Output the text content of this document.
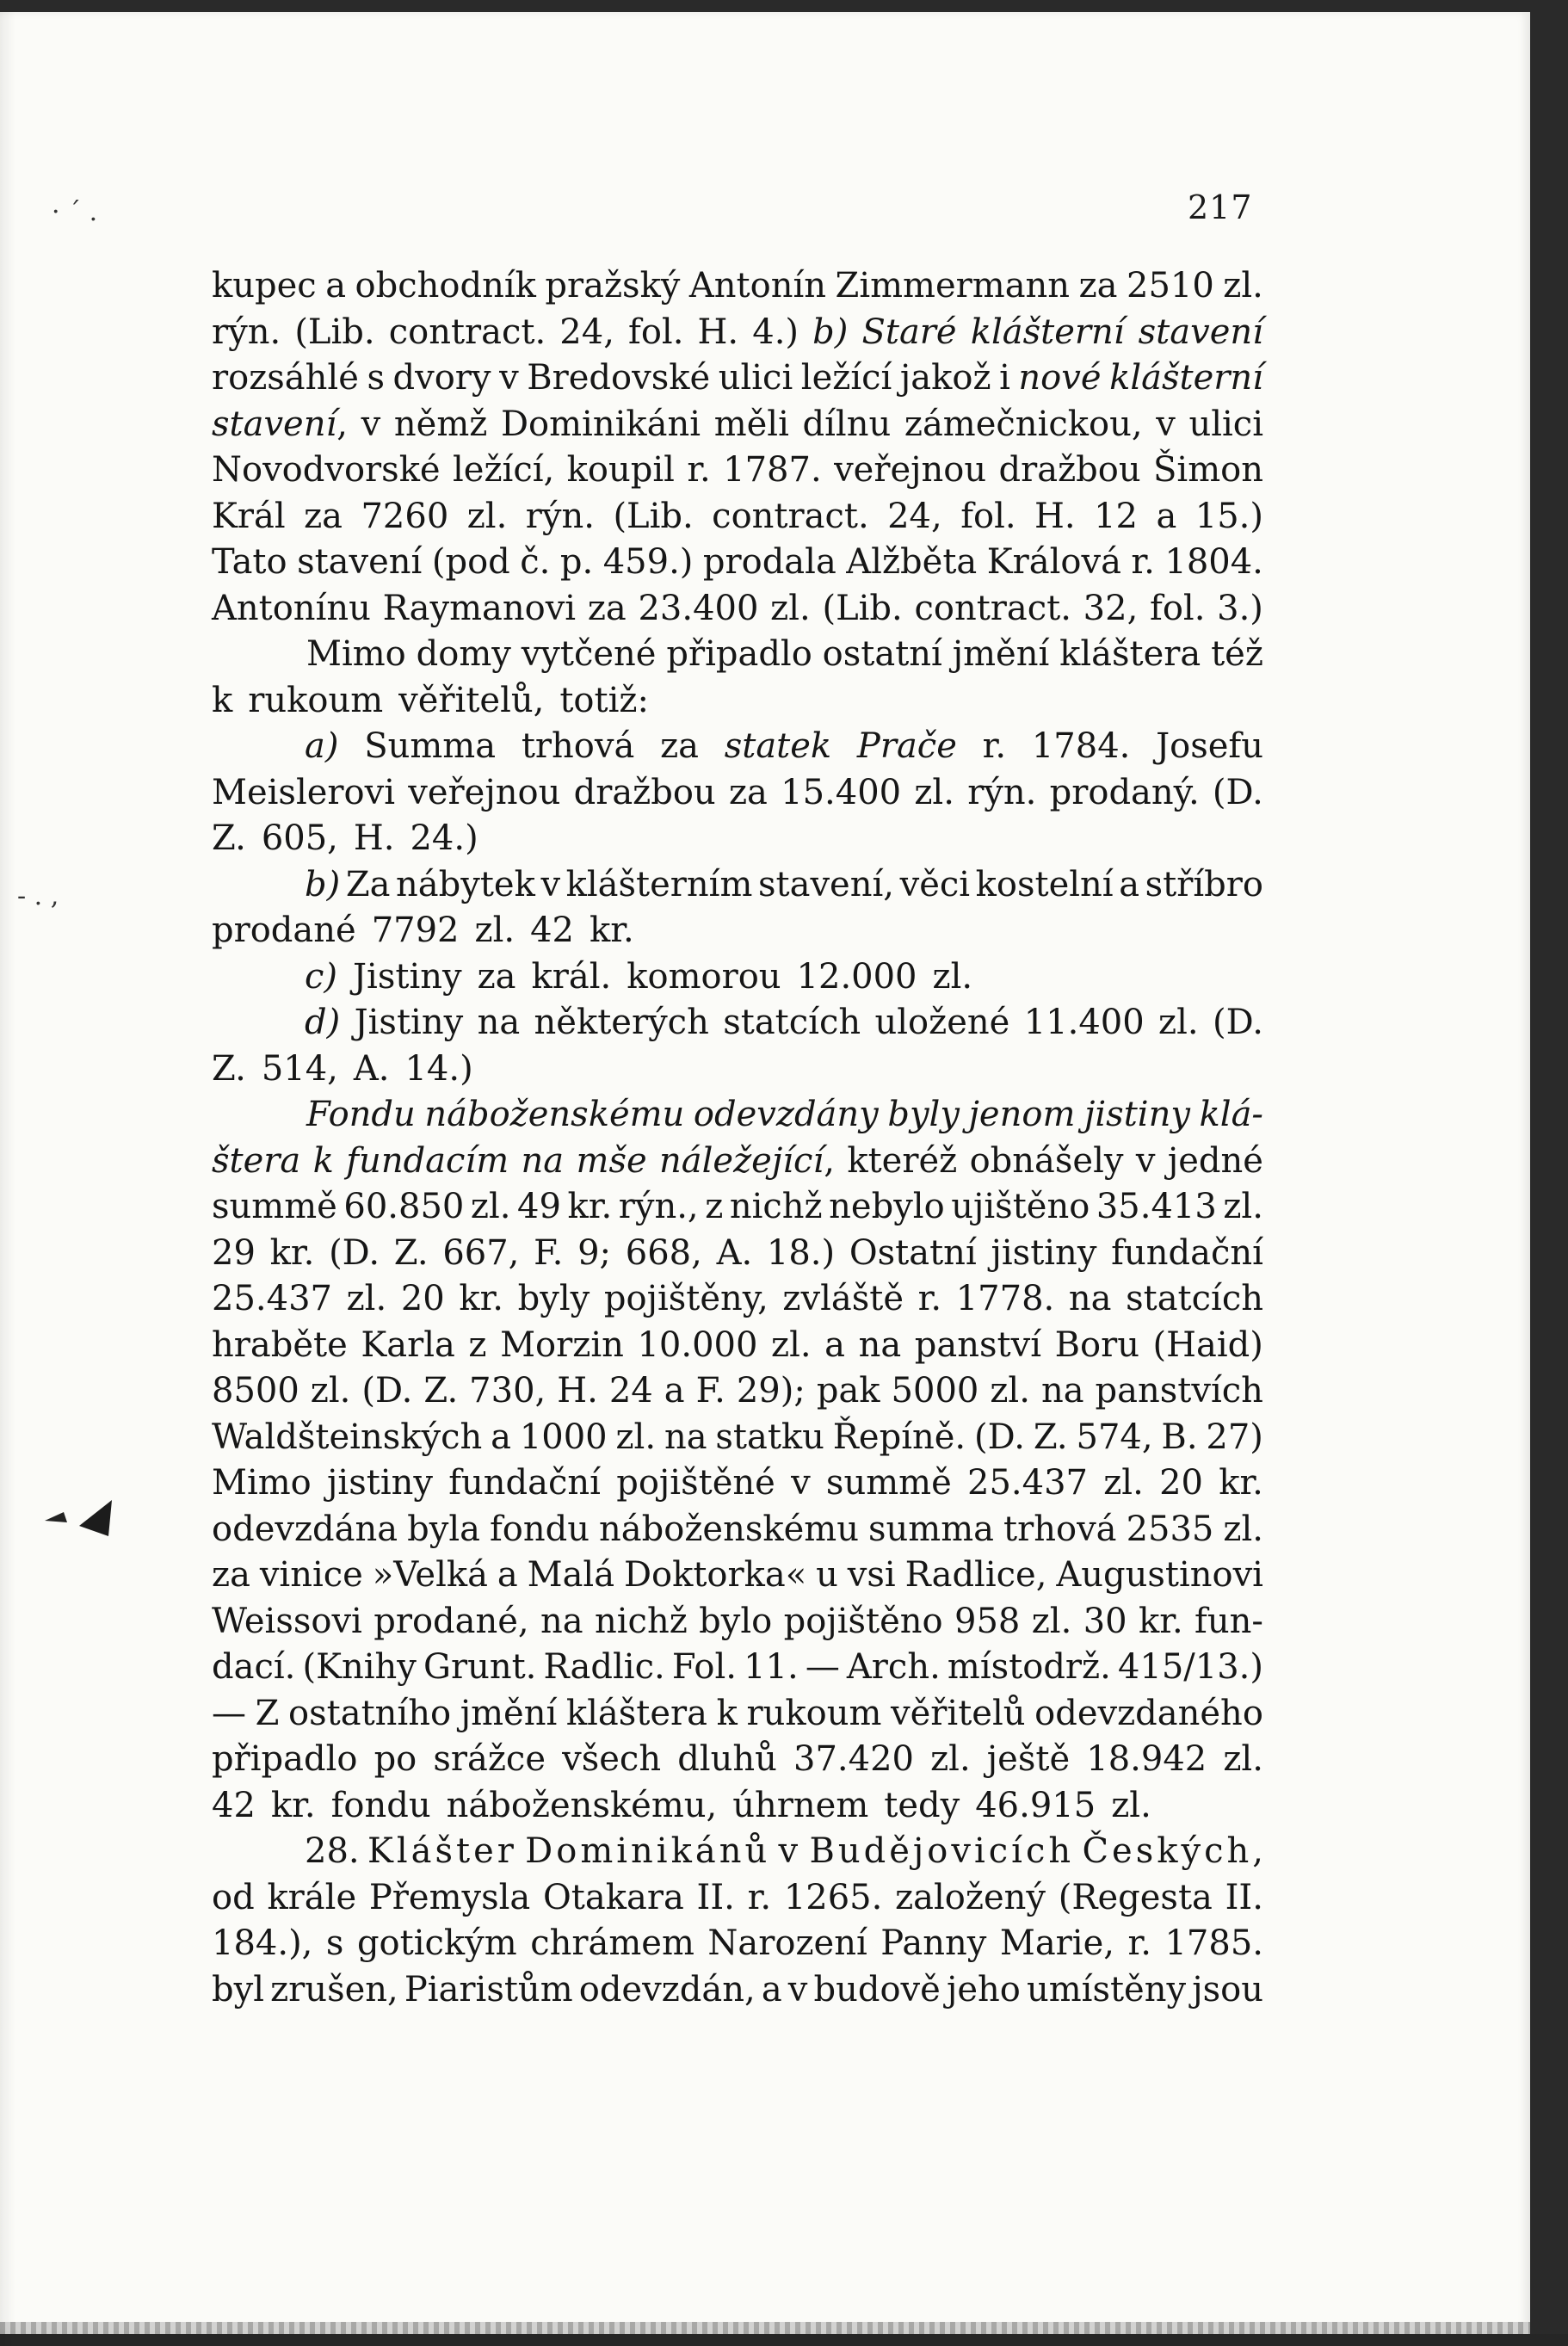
217
kupec a obchodník pražský Antonín Zimmermann za 2510 zl.
rýn. (Lib. contract. 24, fol. H. 4.) b) Staré klášterní stavení
rozsáhlé s dvory v Bredovské ulici ležící jakož i nové klášterní
stavení, v němž Dominikáni měli dílnu zámečnickou, v ulici
Novodvorské ležící, koupil r. 1787. veřejnou dražbou Šimon
Král za 7260 zl. rýn. (Lib. contract. 24, fol. H. 12 a 15.)
Tato stavení (pod č. p. 459.) prodala Alžběta Králová r. 1804.
Antonínu Raymanovi za 23.400 zl. (Lib. contract. 32, fol. 3.)
Mimo domy vytčené připadlo ostatní jmění kláštera též
k rukoum věřitelů, totiž:
a) Summa trhová za statek Prače r. 1784. Josefu
Meislerovi veřejnou dražbou za 15.400 zl. rýn. prodaný. (D.
Z. 605, H. 24.)
b) Za nábytek v klášterním stavení, věci kostelní a stříbro
prodané 7792 zl. 42 kr.
c) Jistiny za král. komorou 12.000 zl.
d) Jistiny na některých statcích uložené 11.400 zl. (D.
Z. 514, A. 14.)
Fondu náboženskému odevzdány byly jenom jistiny klá-
štera k fundacím na mše náležející, kteréž obnášely v jedné
summě 60.850 zl. 49 kr. rýn., z nichž nebylo ujištěno 35.413 zl.
29 kr. (D. Z. 667, F. 9; 668, A. 18.) Ostatní jistiny fundační
25.437 zl. 20 kr. byly pojištěny, zvláště r. 1778. na statcích
hraběte Karla z Morzin 10.000 zl. a na panství Boru (Haid)
8500 zl. (D. Z. 730, H. 24 a F. 29); pak 5000 zl. na panstvích
Waldšteinských a 1000 zl. na statku Řepíně. (D. Z. 574, B. 27)
Mimo jistiny fundační pojištěné v summě 25.437 zl. 20 kr.
odevzdána byla fondu náboženskému summa trhová 2535 zl.
za vinice »Velká a Malá Doktorka« u vsi Radlice, Augustinovi
Weissovi prodané, na nichž bylo pojištěno 958 zl. 30 kr. fun-
dací. (Knihy Grunt. Radlic. Fol. 11. — Arch. místodrž. 415/13.)
— Z ostatního jmění kláštera k rukoum věřitelů odevzdaného
připadlo po srážce všech dluhů 37.420 zl. ještě 18.942 zl.
42 kr. fondu náboženskému, úhrnem tedy 46.915 zl.
28. Klášter Dominikánů v Budějovicích Českých,
od krále Přemysla Otakara II. r. 1265. založený (Regesta II.
184.), s gotickým chrámem Narození Panny Marie, r. 1785.
byl zrušen, Piaristům odevzdán, a v budově jeho umístěny jsou
· ˊ .
- . ,
